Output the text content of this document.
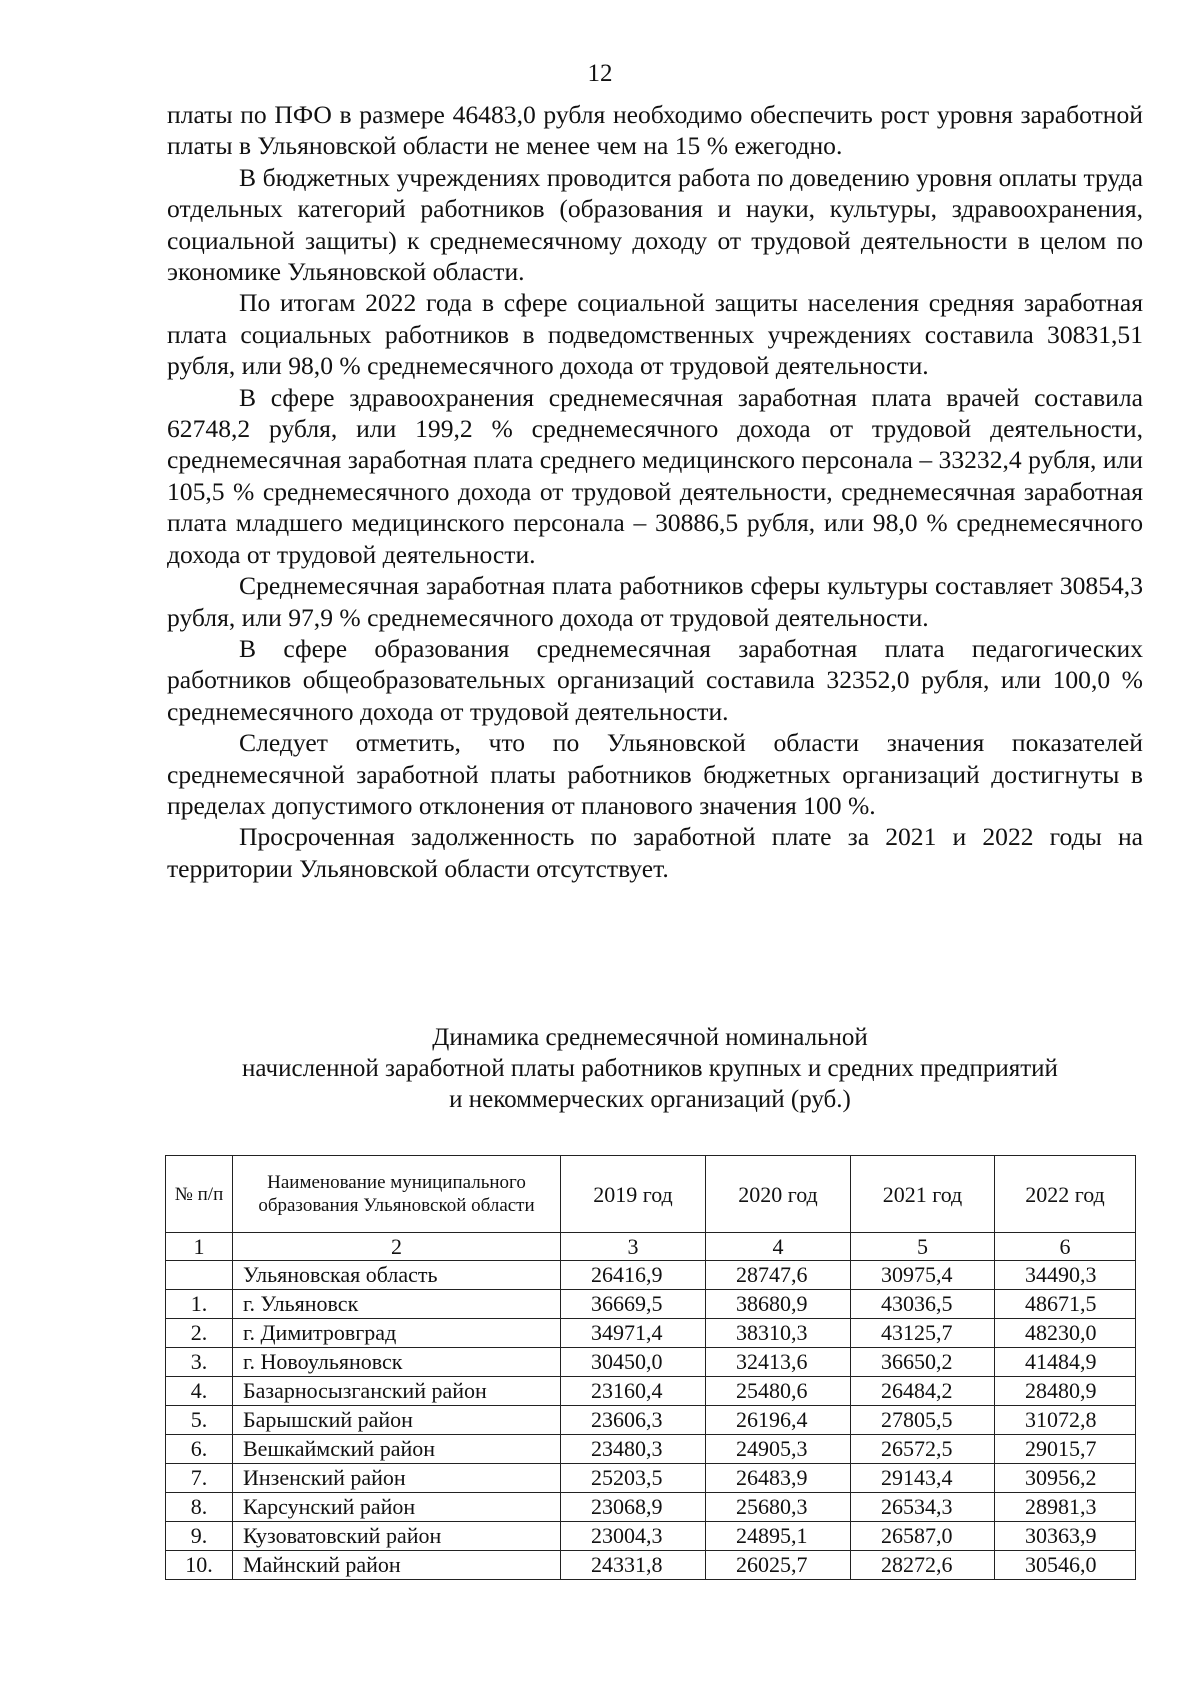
12

платы по ПФО в размере 46483,0 рубля необходимо обеспечить рост уровня заработной платы в Ульяновской области не менее чем на 15 % ежегодно.

В бюджетных учреждениях проводится работа по доведению уровня оплаты труда отдельных категорий работников (образования и науки, культуры, здравоохранения, социальной защиты) к среднемесячному доходу от трудовой деятельности в целом по экономике Ульяновской области.

По итогам 2022 года в сфере социальной защиты населения средняя заработная плата социальных работников в подведомственных учреждениях составила 30831,51 рубля, или 98,0 % среднемесячного дохода от трудовой деятельности.

В сфере здравоохранения среднемесячная заработная плата врачей составила 62748,2 рубля, или 199,2 % среднемесячного дохода от трудовой деятельности, среднемесячная заработная плата среднего медицинского персонала – 33232,4 рубля, или 105,5 % среднемесячного дохода от трудовой деятельности, среднемесячная заработная плата младшего медицинского персонала – 30886,5 рубля, или 98,0 % среднемесячного дохода от трудовой деятельности.

Среднемесячная заработная плата работников сферы культуры составляет 30854,3 рубля, или 97,9 % среднемесячного дохода от трудовой деятельности.

В сфере образования среднемесячная заработная плата педагогических работников общеобразовательных организаций составила 32352,0 рубля, или 100,0 % среднемесячного дохода от трудовой деятельности.

Следует отметить, что по Ульяновской области значения показателей среднемесячной заработной платы работников бюджетных организаций достигнуты в пределах допустимого отклонения от планового значения 100 %.

Просроченная задолженность по заработной плате за 2021 и 2022 годы на территории Ульяновской области отсутствует.

Динамика среднемесячной номинальной
начисленной заработной платы работников крупных и средних предприятий
и некоммерческих организаций (руб.)
№ п/п	Наименование муниципального образования Ульяновской области	2019 год	2020 год	2021 год	2022 год
1	2	3	4	5	6
	Ульяновская область	26416,9	28747,6	30975,4	34490,3
1.	г. Ульяновск	36669,5	38680,9	43036,5	48671,5
2.	г. Димитровград	34971,4	38310,3	43125,7	48230,0
3.	г. Новоульяновск	30450,0	32413,6	36650,2	41484,9
4.	Базарносызганский район	23160,4	25480,6	26484,2	28480,9
5.	Барышский район	23606,3	26196,4	27805,5	31072,8
6.	Вешкаймский район	23480,3	24905,3	26572,5	29015,7
7.	Инзенский район	25203,5	26483,9	29143,4	30956,2
8.	Карсунский район	23068,9	25680,3	26534,3	28981,3
9.	Кузоватовский район	23004,3	24895,1	26587,0	30363,9
10.	Майнский район	24331,8	26025,7	28272,6	30546,0
